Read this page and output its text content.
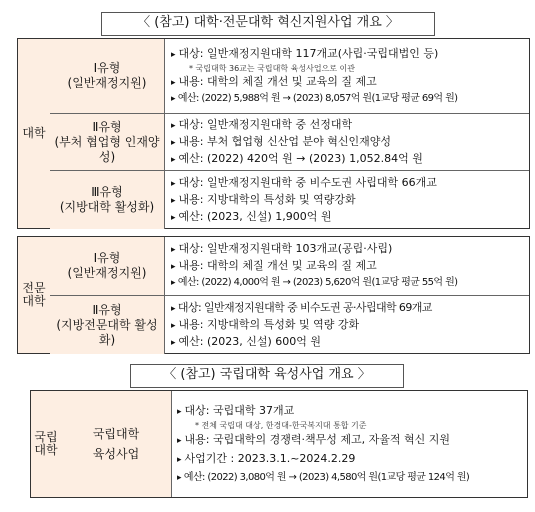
〈 (참고) 대학·전문대학 혁신지원사업 개요 〉
대학
Ⅰ유형
(일반재정지원)
▸ 대상: 일반재정지원대학 117개교(사립·국립대법인 등)
* 국립대학 36교는 국립대학 육성사업으로 이관
▸ 내용: 대학의 체질 개선 및 교육의 질 제고
▸ 예산: (2022) 5,988억 원 → (2023) 8,057억 원(1교당 평균 69억 원)
Ⅱ유형
(부처 협업형 인재양성)
▸ 대상: 일반재정지원대학 중 선정대학
▸ 내용: 부처 협업형 신산업 분야 혁신인재양성
▸ 예산: (2022) 420억 원 → (2023) 1,052.84억 원
Ⅲ유형
(지방대학 활성화)
▸ 대상: 일반재정지원대학 중 비수도권 사립대학 66개교
▸ 내용: 지방대학의 특성화 및 역량강화
▸ 예산: (2023, 신설) 1,900억 원
전문대학
Ⅰ유형
(일반재정지원)
▸ 대상: 일반재정지원대학 103개교(공립·사립)
▸ 내용: 대학의 체질 개선 및 교육의 질 제고
▸ 예산: (2022) 4,000억 원 → (2023) 5,620억 원(1교당 평균 55억 원)
Ⅱ유형
(지방전문대학 활성화)
▸ 대상: 일반재정지원대학 중 비수도권 공·사립대학 69개교
▸ 내용: 지방대학의 특성화 및 역량 강화
▸ 예산: (2023, 신설) 600억 원
〈 (참고) 국립대학 육성사업 개요 〉
국립대학
국립대학
육성사업
▸ 대상: 국립대학 37개교
* 전체 국립대 대상, 한경대-한국복지대 통합 기준
▸ 내용: 국립대학의 경쟁력·책무성 제고, 자율적 혁신 지원
▸ 사업기간 : 2023.3.1.~2024.2.29
▸ 예산: (2022) 3,080억 원 → (2023) 4,580억 원(1교당 평균 124억 원)
